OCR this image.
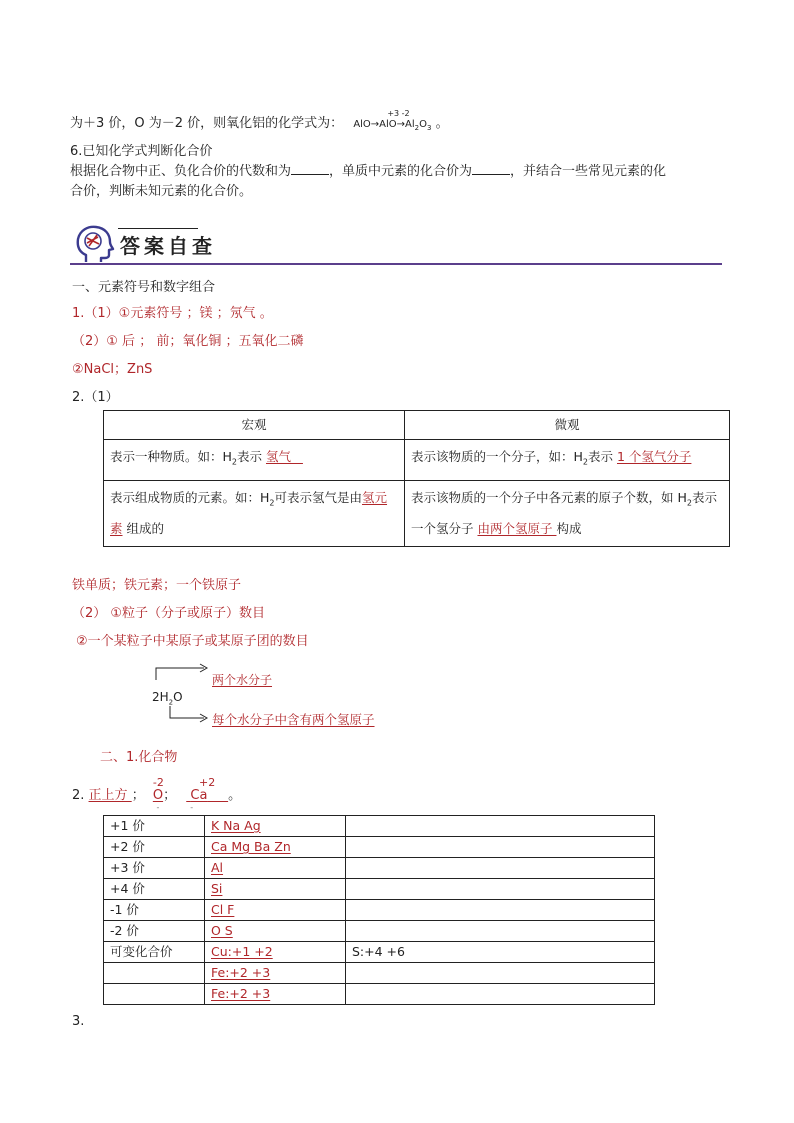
为＋3 价，O 为－2 价，则氧化铝的化学式为：
+3 -2
$AlO\to AlO\to Al_2O_3$ 。
6.已知化学式判断化合价
根据化合物中正、负化合价的代数和为	，单质中元素的化合价为	，并结合一些常见元素的化
合价，判断未知元素的化合价。
答案自查
一、元素符号和数字组合
1.（1）①元素符号 ；镁 ；氖气 。
（2）① 后 ； 前；氧化铜 ；五氧化二磷
②NaCl；ZnS
2.（1）
宏观	微观
表示一种物质。如：$H_2$表示 氢气	表示该物质的一个分子，如：$H_2$表示 1 个氢气分子
表示组成物质的元素。如：$H_2$可表示氢气是由氢元素 组成的	表示该物质的一个分子中各元素的原子个数，如 $H_2$表示一个氢分子 由两个氢原子 构成
铁单质；铁元素；一个铁原子
（2） ①粒子（分子或原子）数目
②一个某粒子中某原子或某原子团的数目
$2H_2O$
两个水分子
每个水分子中含有两个氢原子
二、1.化合物
2. 正上方 ；
-2
O
-
；
+2
Ca
-
。
+1 价	K Na Ag	
+2 价	Ca Mg Ba Zn	
+3 价	Al	
+4 价	Si	
-1 价	Cl F	
-2 价	O S	
可变化合价	Cu:+1 +2	S:+4 +6
	Fe:+2 +3	
	Fe:+2 +3	
3.
